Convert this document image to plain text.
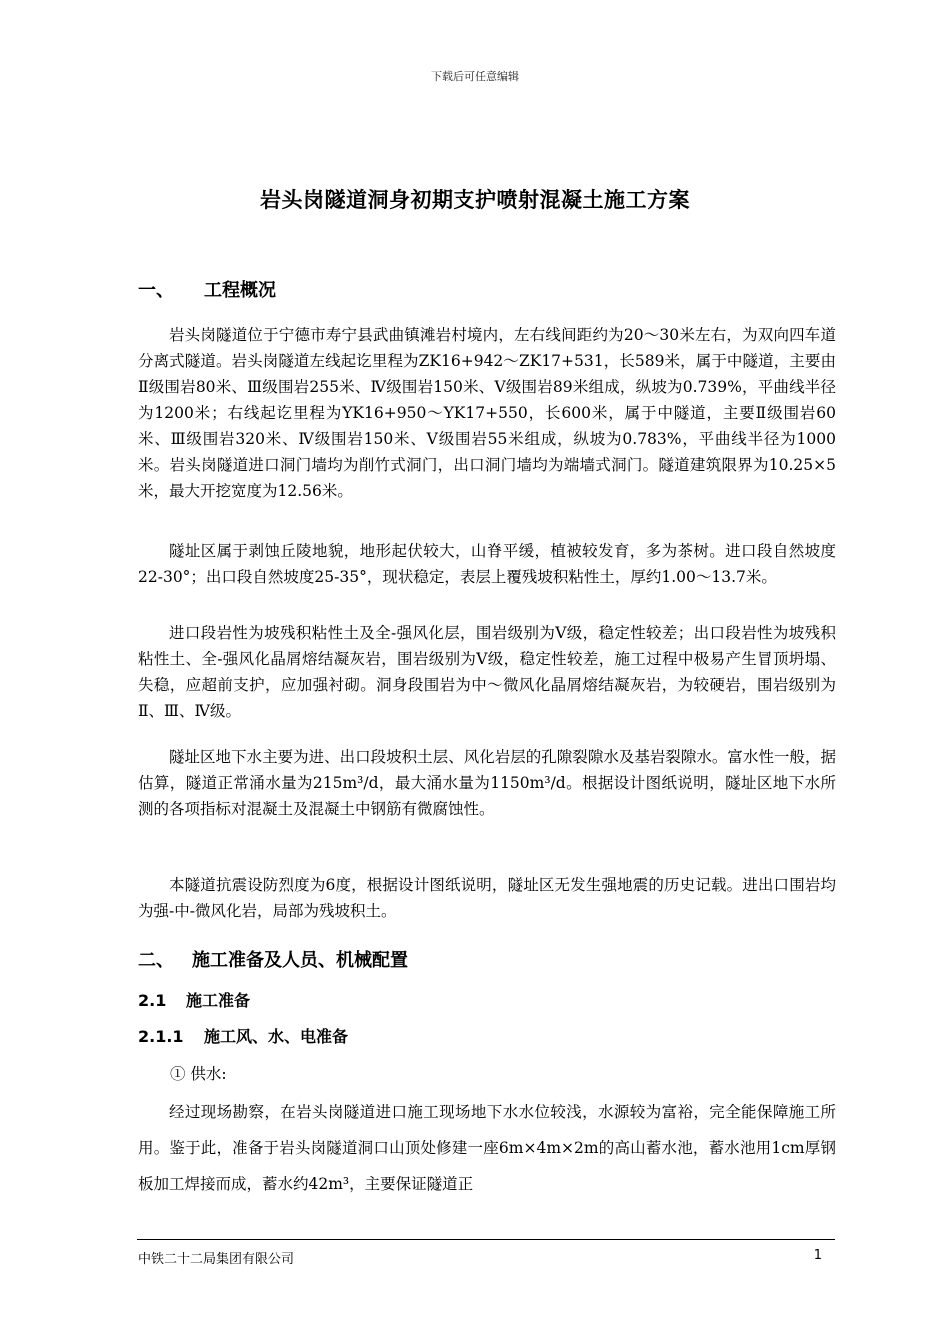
下载后可任意编辑
岩头岗隧道洞身初期支护喷射混凝土施工方案
一、 工程概况

岩头岗隧道位于宁德市寿宁县武曲镇滩岩村境内，左右线间距约为20～30米左右，为双向四车道分离式隧道。岩头岗隧道左线起讫里程为ZK16+942～ZK17+531，长589米，属于中隧道，主要由Ⅱ级围岩80米、Ⅲ级围岩255米、Ⅳ级围岩150米、Ⅴ级围岩89米组成，纵坡为0.739%，平曲线半径为1200米；右线起讫里程为YK16+950～YK17+550，长600米，属于中隧道，主要Ⅱ级围岩60米、Ⅲ级围岩320米、Ⅳ级围岩150米、Ⅴ级围岩55米组成，纵坡为0.783%，平曲线半径为1000米。岩头岗隧道进口洞门墙均为削竹式洞门，出口洞门墙均为端墙式洞门。隧道建筑限界为10.25×5米，最大开挖宽度为12.56米。

隧址区属于剥蚀丘陵地貌，地形起伏较大，山脊平缓，植被较发育，多为茶树。进口段自然坡度22-30°；出口段自然坡度25-35°，现状稳定，表层上覆残坡积粘性土，厚约1.00～13.7米。

进口段岩性为坡残积粘性土及全-强风化层，围岩级别为Ⅴ级，稳定性较差；出口段岩性为坡残积粘性土、全-强风化晶屑熔结凝灰岩，围岩级别为Ⅴ级，稳定性较差，施工过程中极易产生冒顶坍塌、失稳，应超前支护，应加强衬砌。洞身段围岩为中～微风化晶屑熔结凝灰岩，为较硬岩，围岩级别为Ⅱ、Ⅲ、Ⅳ级。

隧址区地下水主要为进、出口段坡积土层、风化岩层的孔隙裂隙水及基岩裂隙水。富水性一般，据估算，隧道正常涌水量为215m³/d，最大涌水量为1150m³/d。根据设计图纸说明，隧址区地下水所测的各项指标对混凝土及混凝土中钢筋有微腐蚀性。

本隧道抗震设防烈度为6度，根据设计图纸说明，隧址区无发生强地震的历史记载。进出口围岩均为强-中-微风化岩，局部为残坡积土。

二、 施工准备及人员、机械配置
2.1 施工准备
2.1.1 施工风、水、电准备
① 供水:

经过现场勘察，在岩头岗隧道进口施工现场地下水水位较浅，水源较为富裕，完全能保障施工所用。鉴于此，准备于岩头岗隧道洞口山顶处修建一座6m×4m×2m的高山蓄水池，蓄水池用1cm厚钢板加工焊接而成，蓄水约42m³，主要保证隧道正

中铁二十二局集团有限公司	1
